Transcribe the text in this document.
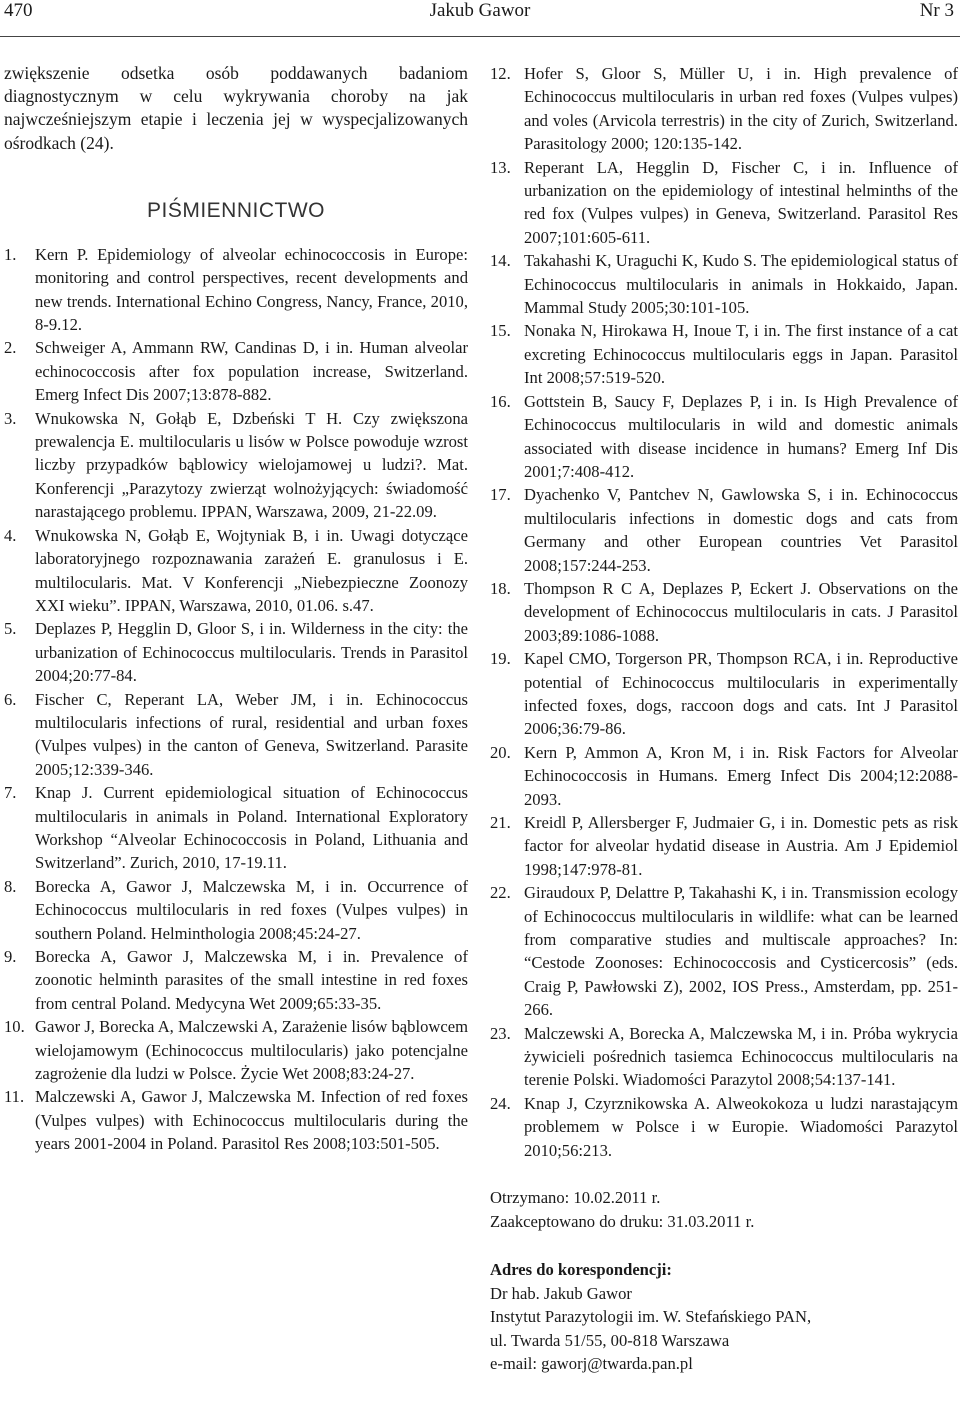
470	Jakub Gawor	Nr 3

zwiększenie odsetka osób poddawanych badaniom diagnostycznym w celu wykrywania choroby na jak najwcześniejszym etapie i leczenia jej w wyspecjalizowanych ośrodkach (24).

PIŚMIENNICTWO
1. Kern P. Epidemiology of alveolar echinococcosis in Europe: monitoring and control perspectives, recent developments and new trends. International Echino Congress, Nancy, France, 2010, 8-9.12.
2. Schweiger A, Ammann RW, Candinas D, i in. Human alveolar echinococcosis after fox population increase, Switzerland. Emerg Infect Dis 2007;13:878-882.
3. Wnukowska N, Gołąb E, Dzbeński T H. Czy zwiększona prewalencja E. multilocularis u lisów w Polsce powoduje wzrost liczby przypadków bąblowicy wielojamowej u ludzi?. Mat. Konferencji „Parazytozy zwierząt wolnożyjących: świadomość narastającego problemu. IPPAN, Warszawa, 2009, 21-22.09.
4. Wnukowska N, Gołąb E, Wojtyniak B, i in. Uwagi dotyczące laboratoryjnego rozpoznawania zarażeń E. granulosus i E. multilocularis. Mat. V Konferencji „Niebezpieczne Zoonozy XXI wieku”. IPPAN, Warszawa, 2010, 01.06. s.47.
5. Deplazes P, Hegglin D, Gloor S, i in. Wilderness in the city: the urbanization of Echinococcus multilocularis. Trends in Parasitol 2004;20:77-84.
6. Fischer C, Reperant LA, Weber JM, i in. Echinococcus multilocularis infections of rural, residential and urban foxes (Vulpes vulpes) in the canton of Geneva, Switzerland. Parasite 2005;12:339-346.
7. Knap J. Current epidemiological situation of Echinococcus multilocularis in animals in Poland. International Exploratory Workshop “Alveolar Echinococcosis in Poland, Lithuania and Switzerland”. Zurich, 2010, 17-19.11.
8. Borecka A, Gawor J, Malczewska M, i in. Occurrence of Echinococcus multilocularis in red foxes (Vulpes vulpes) in southern Poland. Helminthologia 2008;45:24-27.
9. Borecka A, Gawor J, Malczewska M, i in. Prevalence of zoonotic helminth parasites of the small intestine in red foxes from central Poland. Medycyna Wet 2009;65:33-35.
10. Gawor J, Borecka A, Malczewski A, Zarażenie lisów bąblowcem wielojamowym (Echinococcus multilocularis) jako potencjalne zagrożenie dla ludzi w Polsce. Życie Wet 2008;83:24-27.
11. Malczewski A, Gawor J, Malczewska M. Infection of red foxes (Vulpes vulpes) with Echinococcus multilocularis during the years 2001-2004 in Poland. Parasitol Res 2008;103:501-505.
12. Hofer S, Gloor S, Müller U, i in. High prevalence of Echinococcus multilocularis in urban red foxes (Vulpes vulpes) and voles (Arvicola terrestris) in the city of Zurich, Switzerland. Parasitology 2000; 120:135-142.
13. Reperant LA, Hegglin D, Fischer C, i in. Influence of urbanization on the epidemiology of intestinal helminths of the red fox (Vulpes vulpes) in Geneva, Switzerland. Parasitol Res 2007;101:605-611.
14. Takahashi K, Uraguchi K, Kudo S. The epidemiological status of Echinococcus multilocularis in animals in Hokkaido, Japan. Mammal Study 2005;30:101-105.
15. Nonaka N, Hirokawa H, Inoue T, i in. The first instance of a cat excreting Echinococcus multilocularis eggs in Japan. Parasitol Int 2008;57:519-520.
16. Gottstein B, Saucy F, Deplazes P, i in. Is High Prevalence of Echinococcus multilocularis in wild and domestic animals associated with disease incidence in humans? Emerg Inf Dis 2001;7:408-412.
17. Dyachenko V, Pantchev N, Gawlowska S, i in. Echinococcus multilocularis infections in domestic dogs and cats from Germany and other European countries Vet Parasitol 2008;157:244-253.
18. Thompson R C A, Deplazes P, Eckert J. Observations on the development of Echinococcus multilocularis in cats. J Parasitol 2003;89:1086-1088.
19. Kapel CMO, Torgerson PR, Thompson RCA, i in. Reproductive potential of Echinococcus multilocularis in experimentally infected foxes, dogs, raccoon dogs and cats. Int J Parasitol 2006;36:79-86.
20. Kern P, Ammon A, Kron M, i in. Risk Factors for Alveolar Echinococcosis in Humans. Emerg Infect Dis 2004;12:2088-2093.
21. Kreidl P, Allersberger F, Judmaier G, i in. Domestic pets as risk factor for alveolar hydatid disease in Austria. Am J Epidemiol 1998;147:978-81.
22. Giraudoux P, Delattre P, Takahashi K, i in. Transmission ecology of Echinococcus multilocularis in wildlife: what can be learned from comparative studies and multiscale approaches? In: “Cestode Zoonoses: Echinococcosis and Cysticercosis” (eds. Craig P, Pawłowski Z), 2002, IOS Press., Amsterdam, pp. 251-266.
23. Malczewski A, Borecka A, Malczewska M, i in. Próba wykrycia żywicieli pośrednich tasiemca Echinococcus multilocularis na terenie Polski. Wiadomości Parazytol 2008;54:137-141.
24. Knap J, Czyrznikowska A. Alweokokoza u ludzi narastającym problemem w Polsce i w Europie. Wiadomości Parazytol 2010;56:213.
Otrzymano: 10.02.2011 r.
Zaakceptowano do druku: 31.03.2011 r.
Adres do korespondencji:
Dr hab. Jakub Gawor
Instytut Parazytologii im. W. Stefańskiego PAN,
ul. Twarda 51/55, 00-818 Warszawa
e-mail: gaworj@twarda.pan.pl
